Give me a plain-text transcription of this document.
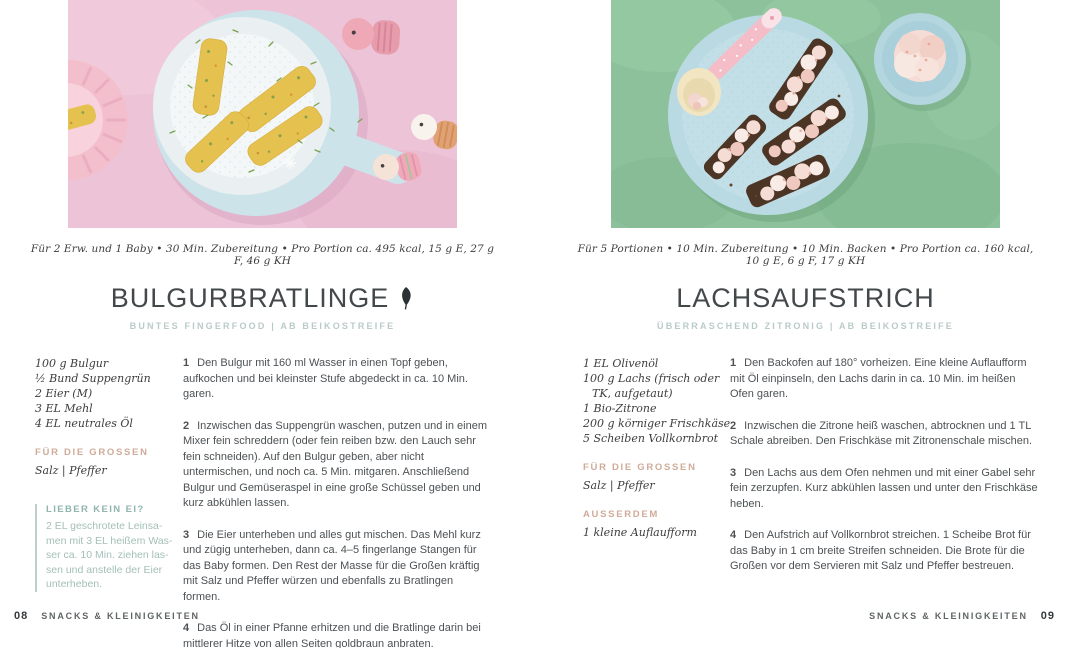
Für 2 Erw. und 1 Baby • 30 Min. Zubereitung • Pro Portion ca. 495 kcal, 15 g E, 27 g F, 46 g KH

BULGURBRATLINGE

BUNTES FINGERFOOD | AB BEIKOSTREIFE

100 g Bulgur

½ Bund Suppengrün

2 Eier (M)

3 EL Mehl

4 EL neutrales Öl

FÜR DIE GROSSEN

Salz | Pfeffer

LIEBER KEIN EI?

2 EL geschrotete Leinsa-
men mit 3 EL heißem Was-
ser ca. 10 Min. ziehen las-
sen und anstelle der Eier
unterheben.

1 Den Bulgur mit 160 ml Wasser in einen Topf geben, aufkochen und bei kleinster Stufe abgedeckt in ca. 10 Min. garen.

2 Inzwischen das Suppengrün waschen, putzen und in einem Mixer fein schreddern (oder fein reiben bzw. den Lauch sehr fein schneiden). Auf den Bulgur geben, aber nicht untermischen, und noch ca. 5 Min. mitgaren. Anschließend Bulgur und Gemüseraspel in eine große Schüssel geben und kurz abkühlen lassen.

3 Die Eier unterheben und alles gut mischen. Das Mehl kurz und zügig unterheben, dann ca. 4–5 fingerlange Stangen für das Baby formen. Den Rest der Masse für die Großen kräftig mit Salz und Pfeffer würzen und ebenfalls zu Bratlingen formen.

4 Das Öl in einer Pfanne erhitzen und die Bratlinge darin bei mittlerer Hitze von allen Seiten goldbraun anbraten.

08 SNACKS & KLEINIGKEITEN

Für 5 Portionen • 10 Min. Zubereitung • 10 Min. Backen • Pro Portion ca. 160 kcal, 10 g E, 6 g F, 17 g KH

LACHSAUFSTRICH

ÜBERRASCHEND ZITRONIG | AB BEIKOSTREIFE

1 EL Olivenöl

100 g Lachs (frisch oder TK, aufgetaut)

1 Bio-Zitrone

200 g körniger Frischkäse

5 Scheiben Vollkornbrot

FÜR DIE GROSSEN

Salz | Pfeffer

AUSSERDEM

1 kleine Auflaufform

1 Den Backofen auf 180° vorheizen. Eine kleine Auflaufform mit Öl einpinseln, den Lachs darin in ca. 10 Min. im heißen Ofen garen.

2 Inzwischen die Zitrone heiß waschen, abtrocknen und 1 TL Schale abreiben. Den Frischkäse mit Zitronenschale mischen.

3 Den Lachs aus dem Ofen nehmen und mit einer Gabel sehr fein zerzupfen. Kurz abkühlen lassen und unter den Frischkäse heben.

4 Den Aufstrich auf Vollkornbrot streichen. 1 Scheibe Brot für das Baby in 1 cm breite Streifen schneiden. Die Brote für die Großen vor dem Servieren mit Salz und Pfeffer bestreuen.

SNACKS & KLEINIGKEITEN 09
